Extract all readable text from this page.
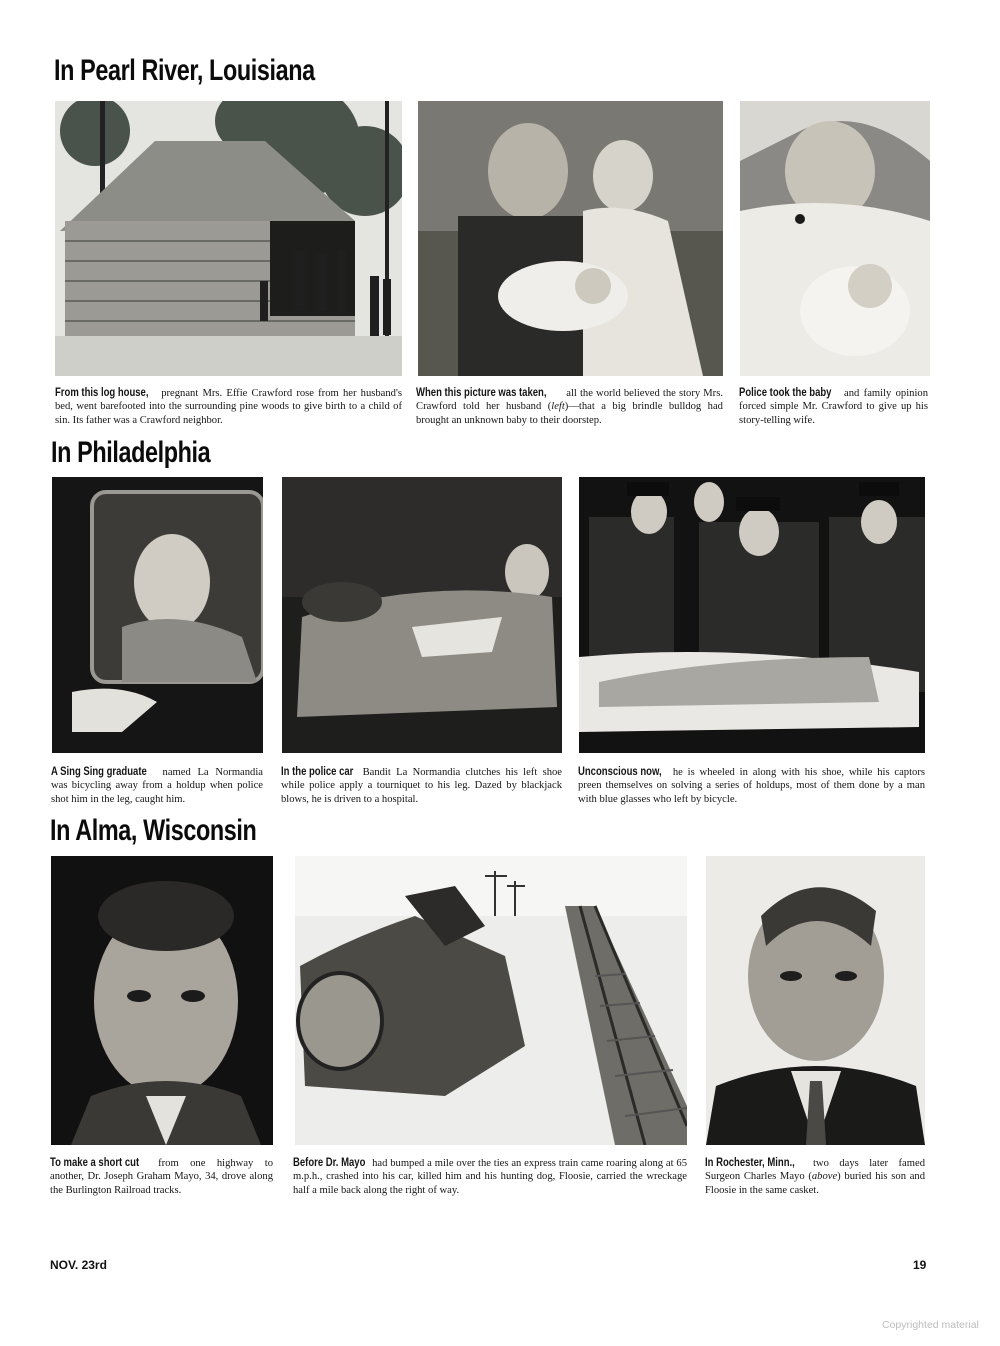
In Pearl River, Louisiana

From this log house, pregnant Mrs. Effie Crawford rose from her husband's bed, went barefooted into the surrounding pine woods to give birth to a child of sin. Its father was a Crawford neighbor.

When this picture was taken, all the world believed the story Mrs. Crawford told her husband (left)—that a big brindle bulldog had brought an unknown baby to their doorstep.

Police took the baby and family opinion forced simple Mr. Crawford to give up his story-telling wife.

In Philadelphia

A Sing Sing graduate named La Normandia was bicycling away from a holdup when police shot him in the leg, caught him.

In the police car Bandit La Normandia clutches his left shoe while police apply a tourniquet to his leg. Dazed by blackjack blows, he is driven to a hospital.

Unconscious now, he is wheeled in along with his shoe, while his captors preen themselves on solving a series of holdups, most of them done by a man with blue glasses who left by bicycle.

In Alma, Wisconsin

To make a short cut from one highway to another, Dr. Joseph Graham Mayo, 34, drove along the Burlington Railroad tracks.

Before Dr. Mayo had bumped a mile over the ties an express train came roaring along at 65 m.p.h., crashed into his car, killed him and his hunting dog, Floosie, carried the wreckage half a mile back along the right of way.

In Rochester, Minn., two days later famed Surgeon Charles Mayo (above) buried his son and Floosie in the same casket.

NOV. 23rd	19
Copyrighted material
